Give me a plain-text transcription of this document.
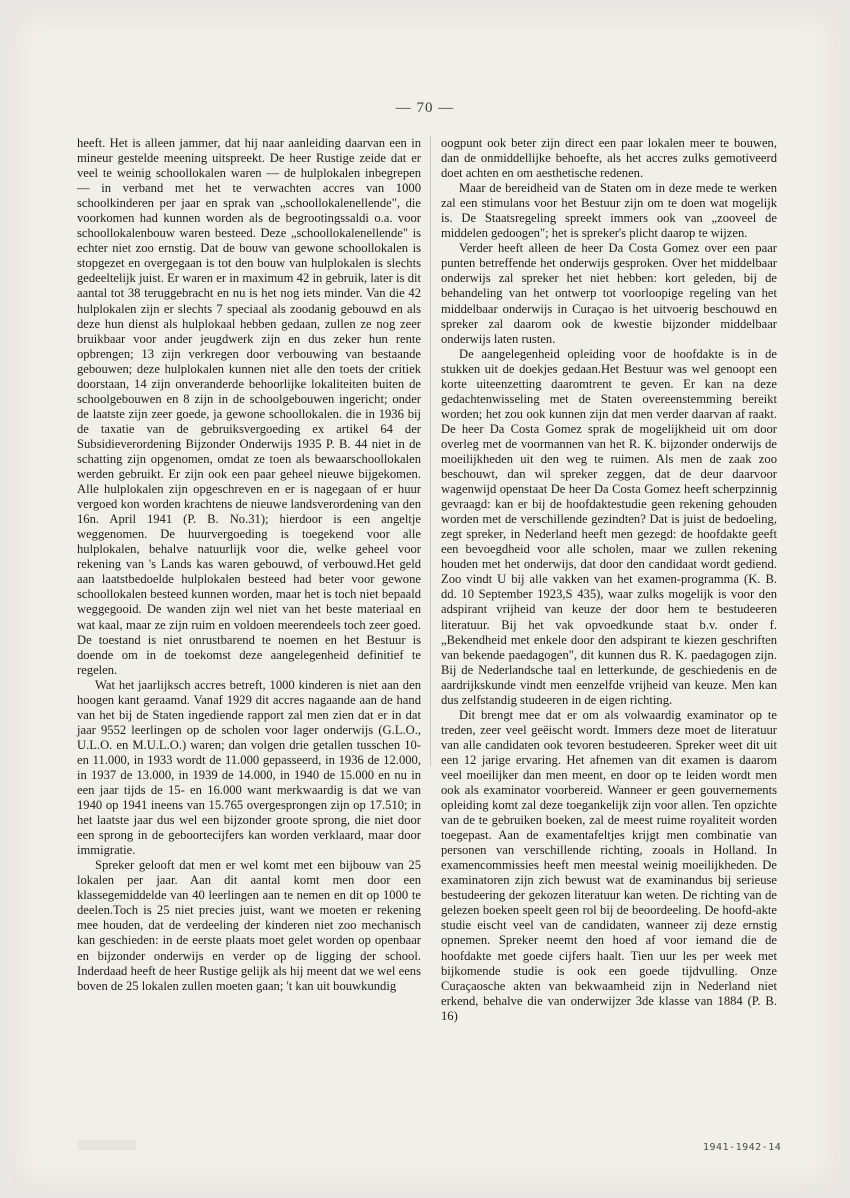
— 70 —

heeft. Het is alleen jammer, dat hij naar aanleiding daarvan een in mineur gestelde meening uitspreekt. De heer Rustige zeide dat er veel te weinig schoollokalen waren — de hulplokalen inbegrepen — in verband met het te verwachten accres van 1000 schoolkinderen per jaar en sprak van „schoollokalenellende", die voorkomen had kunnen worden als de begrootingssaldi o.a. voor schoollokalenbouw waren besteed. Deze „schoollokalenellende" is echter niet zoo ernstig. Dat de bouw van gewone schoollokalen is stopgezet en overgegaan is tot den bouw van hulplokalen is slechts gedeeltelijk juist. Er waren er in maximum 42 in gebruik, later is dit aantal tot 38 teruggebracht en nu is het nog iets minder. Van die 42 hulplokalen zijn er slechts 7 speciaal als zoodanig gebouwd en als deze hun dienst als hulplokaal hebben gedaan, zullen ze nog zeer bruikbaar voor ander jeugdwerk zijn en dus zeker hun rente opbrengen; 13 zijn verkregen door verbouwing van bestaande gebouwen; deze hulplokalen kunnen niet alle den toets der critiek doorstaan, 14 zijn onveranderde behoorlijke lokaliteiten buiten de schoolgebouwen en 8 zijn in de schoolgebouwen ingericht; onder de laatste zijn zeer goede, ja gewone schoollokalen. die in 1936 bij de taxatie van de gebruiksvergoeding ex artikel 64 der Subsidieverordening Bijzonder Onderwijs 1935 P. B. 44 niet in de schatting zijn opgenomen, omdat ze toen als bewaarschoollokalen werden gebruikt. Er zijn ook een paar geheel nieuwe bijgekomen. Alle hulplokalen zijn opgeschreven en er is nagegaan of er huur vergoed kon worden krachtens de nieuwe landsverordening van den 16n. April 1941 (P. B. No.31); hierdoor is een angeltje weggenomen. De huurvergoeding is toegekend voor alle hulplokalen, behalve natuurlijk voor die, welke geheel voor rekening van 's Lands kas waren gebouwd, of verbouwd.Het geld aan laatstbedoelde hulplokalen besteed had beter voor gewone schoollokalen besteed kunnen worden, maar het is toch niet bepaald weggegooid. De wanden zijn wel niet van het beste materiaal en wat kaal, maar ze zijn ruim en voldoen meerendeels toch zeer goed. De toestand is niet onrustbarend te noemen en het Bestuur is doende om in de toekomst deze aangelegenheid definitief te regelen.

Wat het jaarlijksch accres betreft, 1000 kinderen is niet aan den hoogen kant geraamd. Vanaf 1929 dit accres nagaande aan de hand van het bij de Staten ingediende rapport zal men zien dat er in dat jaar 9552 leerlingen op de scholen voor lager onderwijs (G.L.O., U.L.O. en M.U.L.O.) waren; dan volgen drie getallen tusschen 10- en 11.000, in 1933 wordt de 11.000 gepasseerd, in 1936 de 12.000, in 1937 de 13.000, in 1939 de 14.000, in 1940 de 15.000 en nu in een jaar tijds de 15- en 16.000 want merkwaardig is dat we van 1940 op 1941 ineens van 15.765 overgesprongen zijn op 17.510; in het laatste jaar dus wel een bijzonder groote sprong, die niet door een sprong in de geboortecijfers kan worden verklaard, maar door immigratie.

Spreker gelooft dat men er wel komt met een bijbouw van 25 lokalen per jaar. Aan dit aantal komt men door een klassegemiddelde van 40 leerlingen aan te nemen en dit op 1000 te deelen.Toch is 25 niet precies juist, want we moeten er rekening mee houden, dat de verdeeling der kinderen niet zoo mechanisch kan geschieden: in de eerste plaats moet gelet worden op openbaar en bijzonder onderwijs en verder op de ligging der school. Inderdaad heeft de heer Rustige gelijk als hij meent dat we wel eens boven de 25 lokalen zullen moeten gaan; 't kan uit bouwkundig

oogpunt ook beter zijn direct een paar lokalen meer te bouwen, dan de onmiddellijke behoefte, als het accres zulks gemotiveerd doet achten en om aesthetische redenen.

Maar de bereidheid van de Staten om in deze mede te werken zal een stimulans voor het Bestuur zijn om te doen wat mogelijk is. De Staatsregeling spreekt immers ook van „zooveel de middelen gedoogen"; het is spreker's plicht daarop te wijzen.

Verder heeft alleen de heer Da Costa Gomez over een paar punten betreffende het onderwijs gesproken. Over het middelbaar onderwijs zal spreker het niet hebben: kort geleden, bij de behandeling van het ontwerp tot voorloopige regeling van het middelbaar onderwijs in Curaçao is het uitvoerig beschouwd en spreker zal daarom ook de kwestie bijzonder middelbaar onderwijs laten rusten.

De aangelegenheid opleiding voor de hoofdakte is in de stukken uit de doekjes gedaan.Het Bestuur was wel genoopt een korte uiteenzetting daaromtrent te geven. Er kan na deze gedachtenwisseling met de Staten overeenstemming bereikt worden; het zou ook kunnen zijn dat men verder daarvan af raakt. De heer Da Costa Gomez sprak de mogelijkheid uit om door overleg met de voormannen van het R. K. bijzonder onderwijs de moeilijkheden uit den weg te ruimen. Als men de zaak zoo beschouwt, dan wil spreker zeggen, dat de deur daarvoor wagenwijd openstaat De heer Da Costa Gomez heeft scherpzinnig gevraagd: kan er bij de hoofdaktestudie geen rekening gehouden worden met de verschillende gezindten? Dat is juist de bedoeling, zegt spreker, in Nederland heeft men gezegd: de hoofdakte geeft een bevoegdheid voor alle scholen, maar we zullen rekening houden met het onderwijs, dat door den candidaat wordt gediend. Zoo vindt U bij alle vakken van het examen-programma (K. B. dd. 10 September 1923,S 435), waar zulks mogelijk is voor den adspirant vrijheid van keuze der door hem te bestudeeren literatuur. Bij het vak opvoedkunde staat b.v. onder f. „Bekendheid met enkele door den adspirant te kiezen geschriften van bekende paedagogen", dit kunnen dus R. K. paedagogen zijn. Bij de Nederlandsche taal en letterkunde, de geschiedenis en de aardrijkskunde vindt men eenzelfde vrijheid van keuze. Men kan dus zelfstandig studeeren in de eigen richting.

Dit brengt mee dat er om als volwaardig examinator op te treden, zeer veel geëischt wordt. Immers deze moet de literatuur van alle candidaten ook tevoren bestudeeren. Spreker weet dit uit een 12 jarige ervaring. Het afnemen van dit examen is daarom veel moeilijker dan men meent, en door op te leiden wordt men ook als examinator voorbereid. Wanneer er geen gouvernements opleiding komt zal deze toegankelijk zijn voor allen. Ten opzichte van de te gebruiken boeken, zal de meest ruime royaliteit worden toegepast. Aan de examentafeltjes krijgt men combinatie van personen van verschillende richting, zooals in Holland. In examencommissies heeft men meestal weinig moeilijkheden. De examinatoren zijn zich bewust wat de examinandus bij serieuse bestudeering der gekozen literatuur kan weten. De richting van de gelezen boeken speelt geen rol bij de beoordeeling. De hoofd-akte studie eischt veel van de candidaten, wanneer zij deze ernstig opnemen. Spreker neemt den hoed af voor iemand die de hoofdakte met goede cijfers haalt. Tien uur les per week met bijkomende studie is ook een goede tijdvulling. Onze Curaçaosche akten van bekwaamheid zijn in Nederland niet erkend, behalve die van onderwijzer 3de klasse van 1884 (P. B. 16)

1941-1942-14
